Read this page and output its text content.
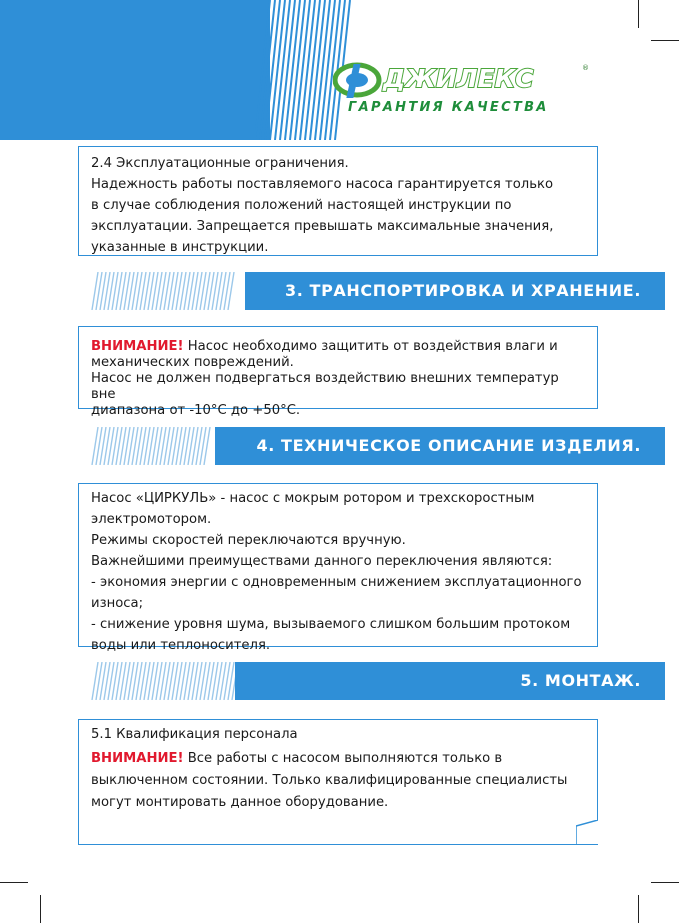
ДЖИЛЕКС	®
ГАРАНТИЯ КАЧЕСТВА

2.4 Эксплуатационные ограничения.

Надежность работы поставляемого насоса гарантируется только

в случае соблюдения положений настоящей инструкции по

эксплуатации. Запрещается превышать максимальные значения,

указанные в инструкции.

3. ТРАНСПОРТИРОВКА И ХРАНЕНИЕ.

ВНИМАНИЕ! Насос необходимо защитить от воздействия влаги и

механических повреждений.

Насос не должен подвергаться воздействию внешних температур вне

диапазона от -10°С до +50°С.

4. ТЕХНИЧЕСКОЕ ОПИСАНИЕ ИЗДЕЛИЯ.

Насос «ЦИРКУЛЬ» - насос с мокрым ротором и трехскоростным

электромотором.

Режимы скоростей переключаются вручную.

Важнейшими преимуществами данного переключения являются:

- экономия энергии с одновременным снижением эксплуатационного

износа;

- снижение уровня шума, вызываемого слишком большим протоком

воды или теплоносителя.

5. МОНТАЖ.

5.1 Квалификация персонала

ВНИМАНИЕ! Все работы с насосом выполняются только в

выключенном состоянии. Только квалифицированные специалисты

могут монтировать данное оборудование.
